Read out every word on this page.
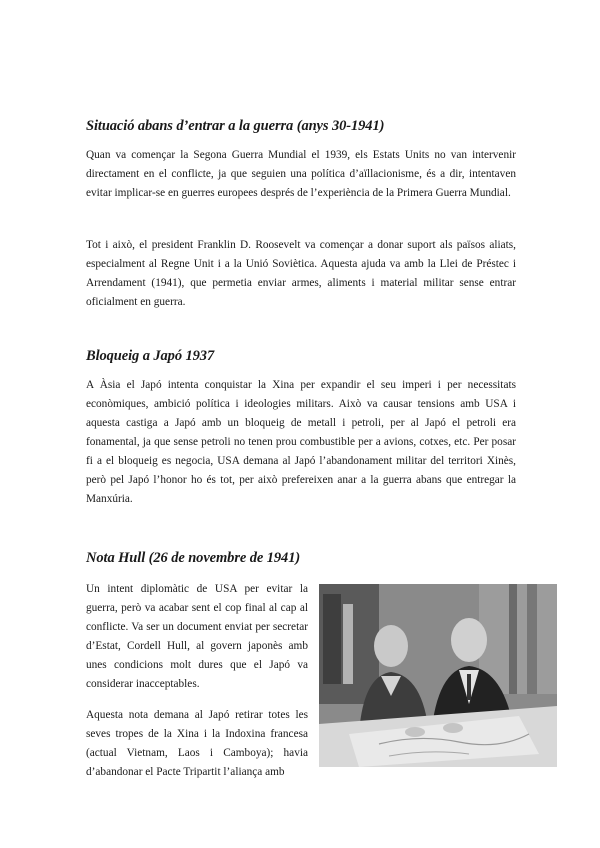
Situació abans d’entrar a la guerra (anys 30-1941)

Quan va començar la Segona Guerra Mundial el 1939, els Estats Units no van intervenir directament en el conflicte, ja que seguien una política d’aïllacionisme, és a dir, intentaven evitar implicar-se en guerres europees després de l’experiència de la Primera Guerra Mundial.

Tot i això, el president Franklin D. Roosevelt va començar a donar suport als països aliats, especialment al Regne Unit i a la Unió Soviètica. Aquesta ajuda va amb la Llei de Préstec i Arrendament (1941), que permetia enviar armes, aliments i material militar sense entrar oficialment en guerra.

Bloqueig a Japó 1937

A Àsia el Japó intenta conquistar la Xina per expandir el seu imperi i per necessitats econòmiques, ambició política i ideologies militars. Això va causar tensions amb USA i aquesta castiga a Japó amb un bloqueig de metall i petroli, per al Japó el petroli era fonamental, ja que sense petroli no tenen prou combustible per a avions, cotxes, etc. Per posar fi a el bloqueig es negocia, USA demana al Japó l’abandonament militar del territori Xinès, però pel Japó l’honor ho és tot, per això prefereixen anar a la guerra abans que entregar la Manxúria.

Nota Hull (26 de novembre de 1941)

Un intent diplomàtic de USA per evitar la guerra, però va acabar sent el cop final al cap al conflicte. Va ser un document enviat per secretar d’Estat, Cordell Hull, al govern japonès amb unes condicions molt dures que el Japó va considerar inacceptables.

Aquesta nota demana al Japó retirar totes les seves tropes de la Xina i la Indoxina francesa (actual Vietnam, Laos i Camboya); havia d’abandonar el Pacte Tripartit l’aliança amb
